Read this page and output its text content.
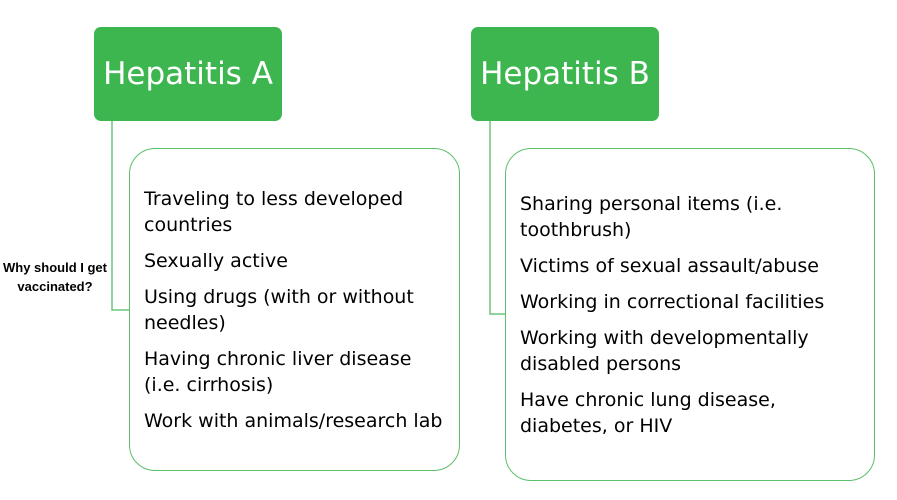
Why should I get vaccinated?
Hepatitis A	Hepatitis B
Traveling to less developed countries
Sexually active
Using drugs (with or without needles)
Having chronic liver disease (i.e. cirrhosis)
Work with animals/research lab
Sharing personal items (i.e. toothbrush)
Victims of sexual assault/abuse
Working in correctional facilities
Working with developmentally disabled persons
Have chronic lung disease, diabetes, or HIV
